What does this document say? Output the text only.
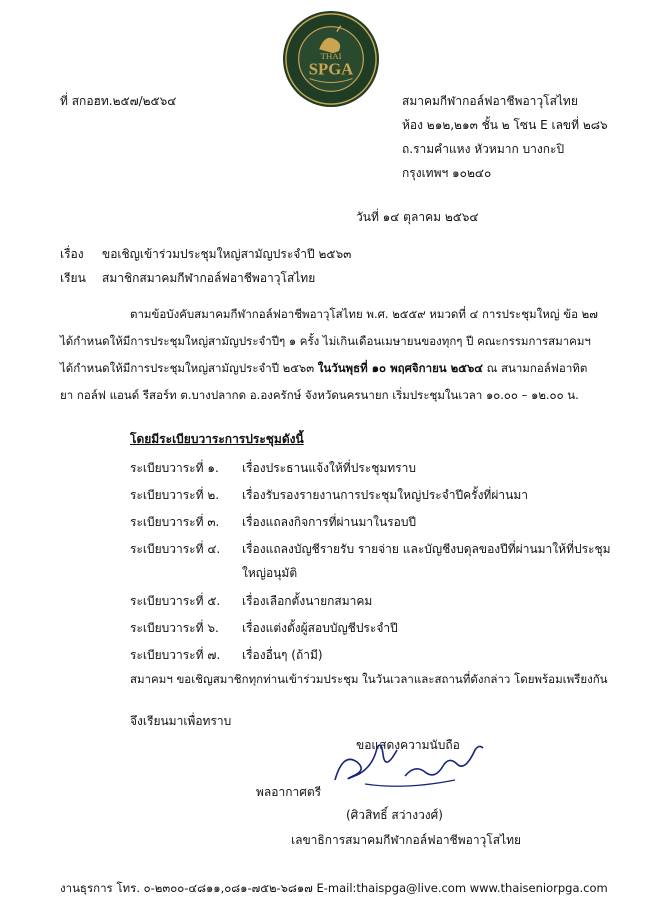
THAI
SPGA
ที่ สกอฮท.๒๕๗/๒๕๖๔	สมาคมกีฬากอล์ฟอาชีพอาวุโสไทย
ห้อง ๒๑๒,๒๑๓ ชั้น ๒ โซน E เลขที่ ๒๘๖
ถ.รามคำแหง หัวหมาก บางกะปิ
กรุงเทพฯ ๑๐๒๔๐
วันที่ ๑๔ ตุลาคม ๒๕๖๔
เรื่อง ขอเชิญเข้าร่วมประชุมใหญ่สามัญประจำปี ๒๕๖๓
เรียน สมาชิกสมาคมกีฬากอล์ฟอาชีพอาวุโสไทย
ตามข้อบังคับสมาคมกีฬากอล์ฟอาชีพอาวุโสไทย พ.ศ. ๒๕๕๙ หมวดที่ ๔ การประชุมใหญ่ ข้อ ๒๗
ได้กำหนดให้มีการประชุมใหญ่สามัญประจำปีๆ ๑ ครั้ง ไม่เกินเดือนเมษายนของทุกๆ ปี คณะกรรมการสมาคมฯ
ได้กำหนดให้มีการประชุมใหญ่สามัญประจำปี ๒๕๖๓ ในวันพุธที่ ๑๐ พฤศจิกายน ๒๕๖๔ ณ สนามกอล์ฟอาทิต
ยา กอล์ฟ แอนด์ รีสอร์ท ต.บางปลากด อ.องครักษ์ จังหวัดนครนายก เริ่มประชุมในเวลา ๑๐.๐๐ – ๑๒.๐๐ น.
โดยมีระเบียบวาระการประชุมดังนี้
ระเบียบวาระที่ ๑. เรื่องประธานแจ้งให้ที่ประชุมทราบ
ระเบียบวาระที่ ๒. เรื่องรับรองรายงานการประชุมใหญ่ประจำปีครั้งที่ผ่านมา
ระเบียบวาระที่ ๓. เรื่องแถลงกิจการที่ผ่านมาในรอบปี
ระเบียบวาระที่ ๔. เรื่องแถลงบัญชีรายรับ รายจ่าย และบัญชีงบดุลของปีที่ผ่านมาให้ที่ประชุม
ใหญ่อนุมัติ
ระเบียบวาระที่ ๕. เรื่องเลือกตั้งนายกสมาคม
ระเบียบวาระที่ ๖. เรื่องแต่งตั้งผู้สอบบัญชีประจำปี
ระเบียบวาระที่ ๗. เรื่องอื่นๆ (ถ้ามี)
สมาคมฯ ขอเชิญสมาชิกทุกท่านเข้าร่วมประชุม ในวันเวลาและสถานที่ดังกล่าว โดยพร้อมเพรียงกัน
จึงเรียนมาเพื่อทราบ
ขอแสดงความนับถือ
พลอากาศตรี
(ศิวสิทธิ์ สว่างวงศ์)
เลขาธิการสมาคมกีฬากอล์ฟอาชีพอาวุโสไทย
งานธุรการ โทร. ๐-๒๓๐๐-๔๘๑๑,๐๘๑-๗๕๒-๖๘๑๗ E-mail:thaispga@live.com www.thaiseniorpga.com
